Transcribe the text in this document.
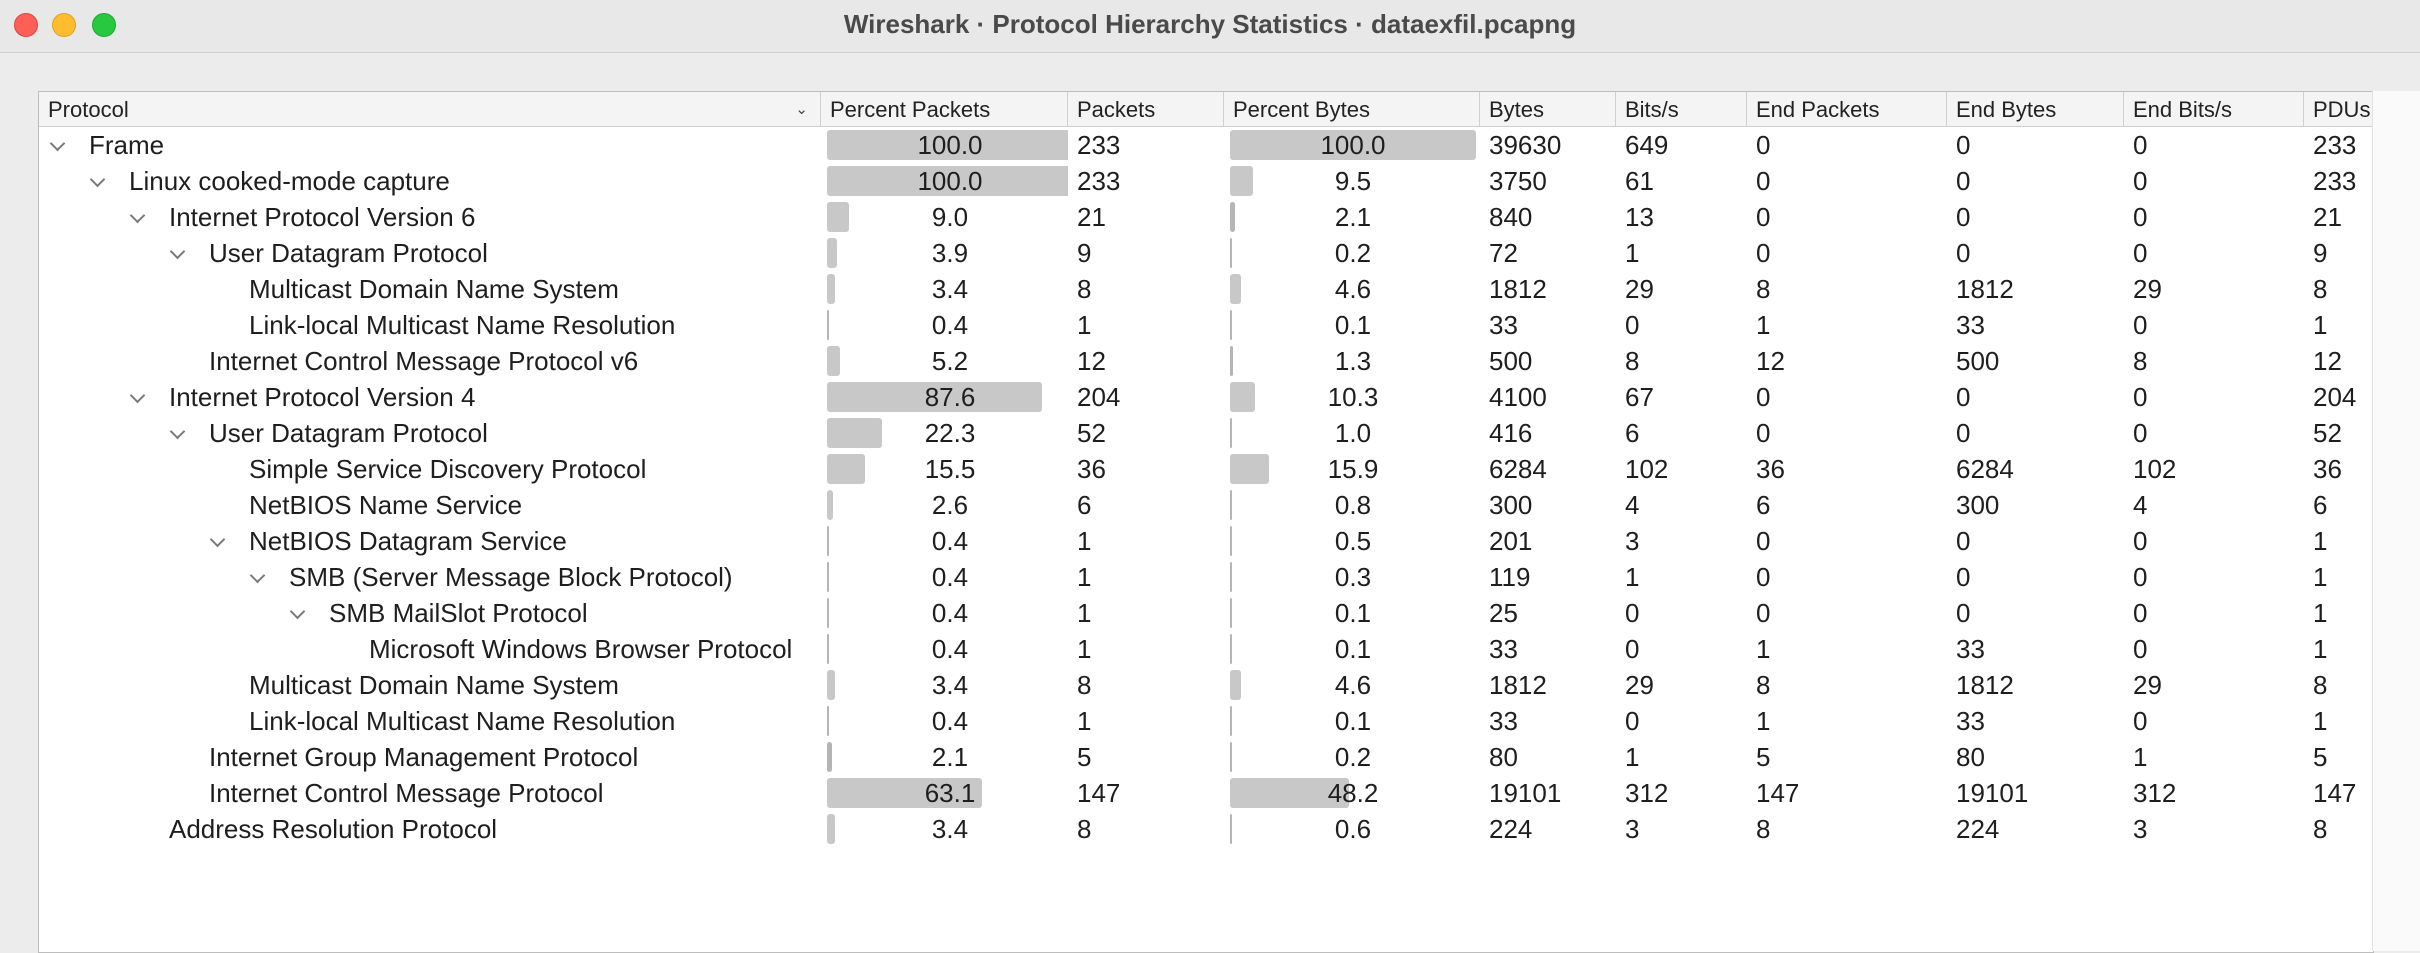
Wireshark · Protocol Hierarchy Statistics · dataexfil.pcapng
Protocol	⌄	Percent Packets	Packets	Percent Bytes	Bytes	Bits/s	End Packets	End Bytes	End Bits/s	PDUs
Frame	100.0	233	100.0	39630	649	0	0	0	233
Linux cooked-mode capture	100.0	233	9.5	3750	61	0	0	0	233
Internet Protocol Version 6	9.0	21	2.1	840	13	0	0	0	21
User Datagram Protocol	3.9	9	0.2	72	1	0	0	0	9
Multicast Domain Name System	3.4	8	4.6	1812	29	8	1812	29	8
Link-local Multicast Name Resolution	0.4	1	0.1	33	0	1	33	0	1
Internet Control Message Protocol v6	5.2	12	1.3	500	8	12	500	8	12
Internet Protocol Version 4	87.6	204	10.3	4100	67	0	0	0	204
User Datagram Protocol	22.3	52	1.0	416	6	0	0	0	52
Simple Service Discovery Protocol	15.5	36	15.9	6284	102	36	6284	102	36
NetBIOS Name Service	2.6	6	0.8	300	4	6	300	4	6
NetBIOS Datagram Service	0.4	1	0.5	201	3	0	0	0	1
SMB (Server Message Block Protocol)	0.4	1	0.3	119	1	0	0	0	1
SMB MailSlot Protocol	0.4	1	0.1	25	0	0	0	0	1
Microsoft Windows Browser Protocol	0.4	1	0.1	33	0	1	33	0	1
Multicast Domain Name System	3.4	8	4.6	1812	29	8	1812	29	8
Link-local Multicast Name Resolution	0.4	1	0.1	33	0	1	33	0	1
Internet Group Management Protocol	2.1	5	0.2	80	1	5	80	1	5
Internet Control Message Protocol	63.1	147	48.2	19101	312	147	19101	312	147
Address Resolution Protocol	3.4	8	0.6	224	3	8	224	3	8
